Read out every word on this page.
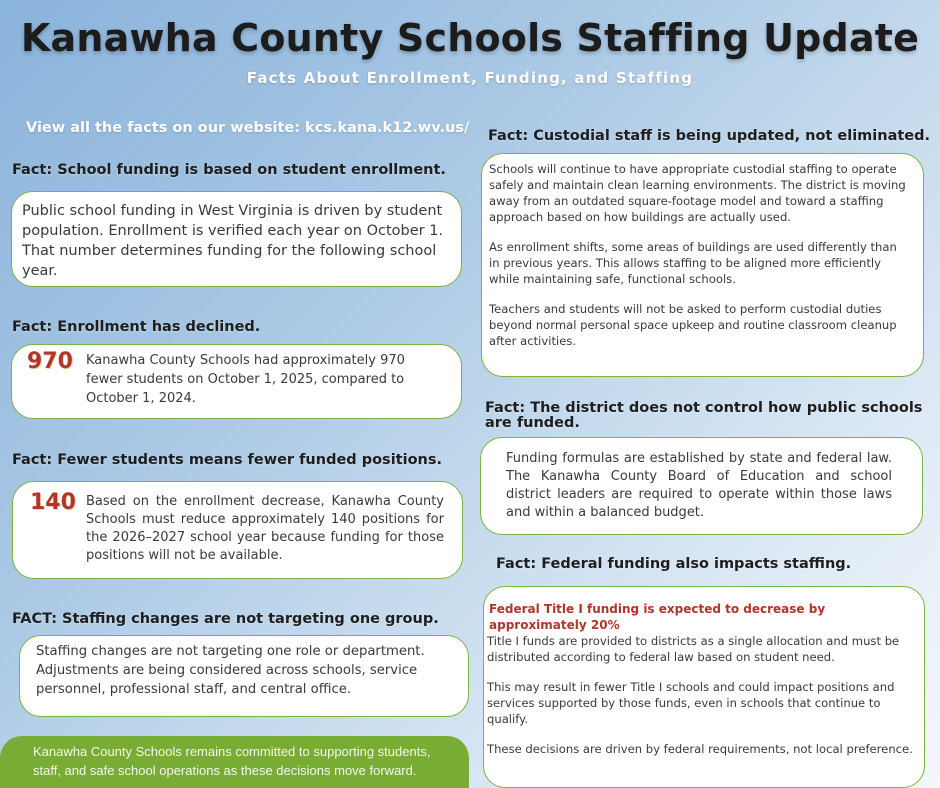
Kanawha County Schools Staffing Update
Facts About Enrollment, Funding, and Staffing
View all the facts on our website: kcs.kana.k12.wv.us/
Fact: School funding is based on student enrollment.

Public school funding in West Virginia is driven by student population. Enrollment is verified each year on October 1. That number determines funding for the following school year.

Fact: Enrollment has declined.
970 Kanawha County Schools had approximately 970 fewer students on October 1, 2025, compared to October 1, 2024.

Fact: Fewer students means fewer funded positions.
140 Based on the enrollment decrease, Kanawha County Schools must reduce approximately 140 positions for the 2026–2027 school year because funding for those positions will not be available.

FACT: Staffing changes are not targeting one group.

Staffing changes are not targeting one role or department. Adjustments are being considered across schools, service personnel, professional staff, and central office.

Kanawha County Schools remains committed to supporting students, staff, and safe school operations as these decisions move forward.
Fact: Custodial staff is being updated, not eliminated.

Schools will continue to have appropriate custodial staffing to operate safely and maintain clean learning environments. The district is moving away from an outdated square-footage model and toward a staffing approach based on how buildings are actually used.

As enrollment shifts, some areas of buildings are used differently than in previous years. This allows staffing to be aligned more efficiently while maintaining safe, functional schools.

Teachers and students will not be asked to perform custodial duties beyond normal personal space upkeep and routine classroom cleanup after activities.

Fact: The district does not control how public schools are funded.

Funding formulas are established by state and federal law. The Kanawha County Board of Education and school district leaders are required to operate within those laws and within a balanced budget.

Fact: Federal funding also impacts staffing.

Federal Title I funding is expected to decrease by approximately 20%

Title I funds are provided to districts as a single allocation and must be distributed according to federal law based on student need.

This may result in fewer Title I schools and could impact positions and services supported by those funds, even in schools that continue to qualify.

These decisions are driven by federal requirements, not local preference.
